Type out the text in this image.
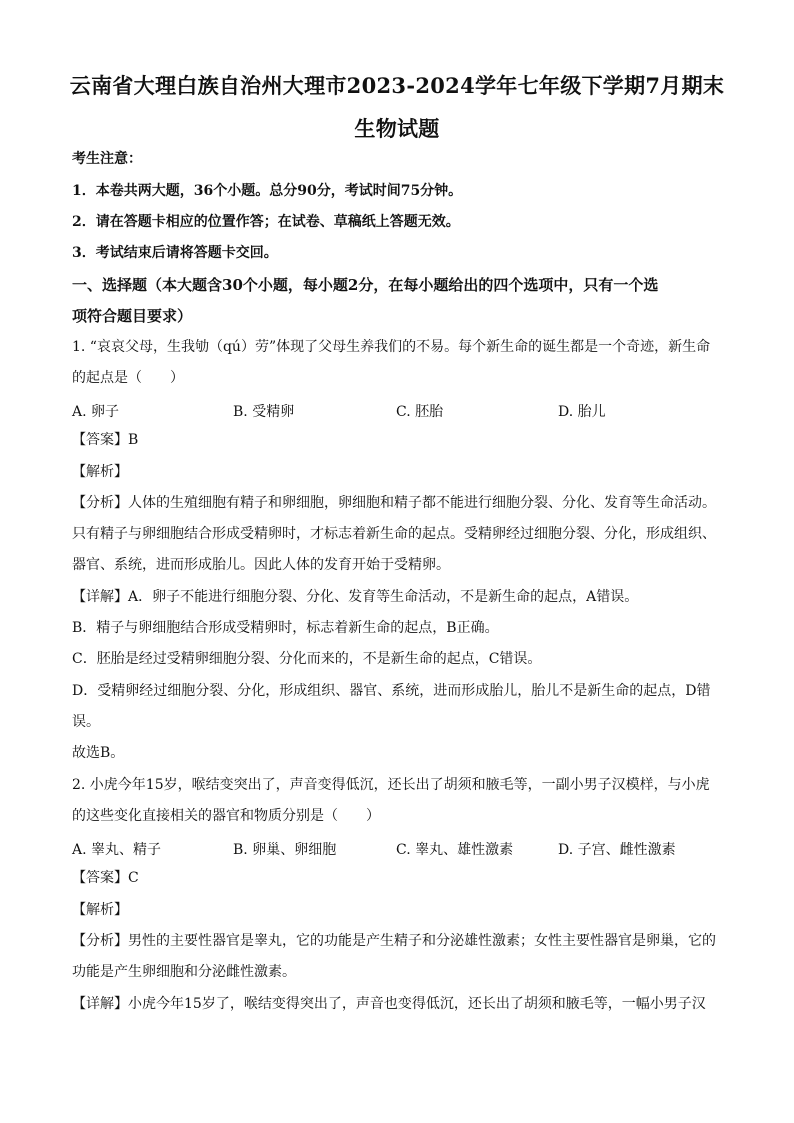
云南省大理白族自治州大理市2023-2024学年七年级下学期7月期末
生物试题
考生注意：
1．本卷共两大题，36个小题。总分90分，考试时间75分钟。
2．请在答题卡相应的位置作答；在试卷、草稿纸上答题无效。
3．考试结束后请将答题卡交回。
一、选择题（本大题含30个小题，每小题2分，在每小题给出的四个选项中，只有一个选
项符合题目要求）
1. “哀哀父母，生我劬（qú）劳”体现了父母生养我们的不易。每个新生命的诞生都是一个奇迹，新生命
的起点是（　　）
A. 卵子	B. 受精卵	C. 胚胎	D. 胎儿
【答案】B
【解析】
【分析】人体的生殖细胞有精子和卵细胞，卵细胞和精子都不能进行细胞分裂、分化、发育等生命活动。
只有精子与卵细胞结合形成受精卵时，才标志着新生命的起点。受精卵经过细胞分裂、分化，形成组织、
器官、系统，进而形成胎儿。因此人体的发育开始于受精卵。
【详解】A．卵子不能进行细胞分裂、分化、发育等生命活动，不是新生命的起点，A错误。
B．精子与卵细胞结合形成受精卵时，标志着新生命的起点，B正确。
C．胚胎是经过受精卵细胞分裂、分化而来的，不是新生命的起点，C错误。
D．受精卵经过细胞分裂、分化，形成组织、器官、系统，进而形成胎儿，胎儿不是新生命的起点，D错
误。
故选B。
2. 小虎今年15岁，喉结变突出了，声音变得低沉，还长出了胡须和腋毛等，一副小男子汉模样，与小虎
的这些变化直接相关的器官和物质分别是（　　）
A. 睾丸、精子	B. 卵巢、卵细胞	C. 睾丸、雄性激素	D. 子宫、雌性激素
【答案】C
【解析】
【分析】男性的主要性器官是睾丸，它的功能是产生精子和分泌雄性激素；女性主要性器官是卵巢，它的
功能是产生卵细胞和分泌雌性激素。
【详解】小虎今年15岁了，喉结变得突出了，声音也变得低沉，还长出了胡须和腋毛等，一幅小男子汉
